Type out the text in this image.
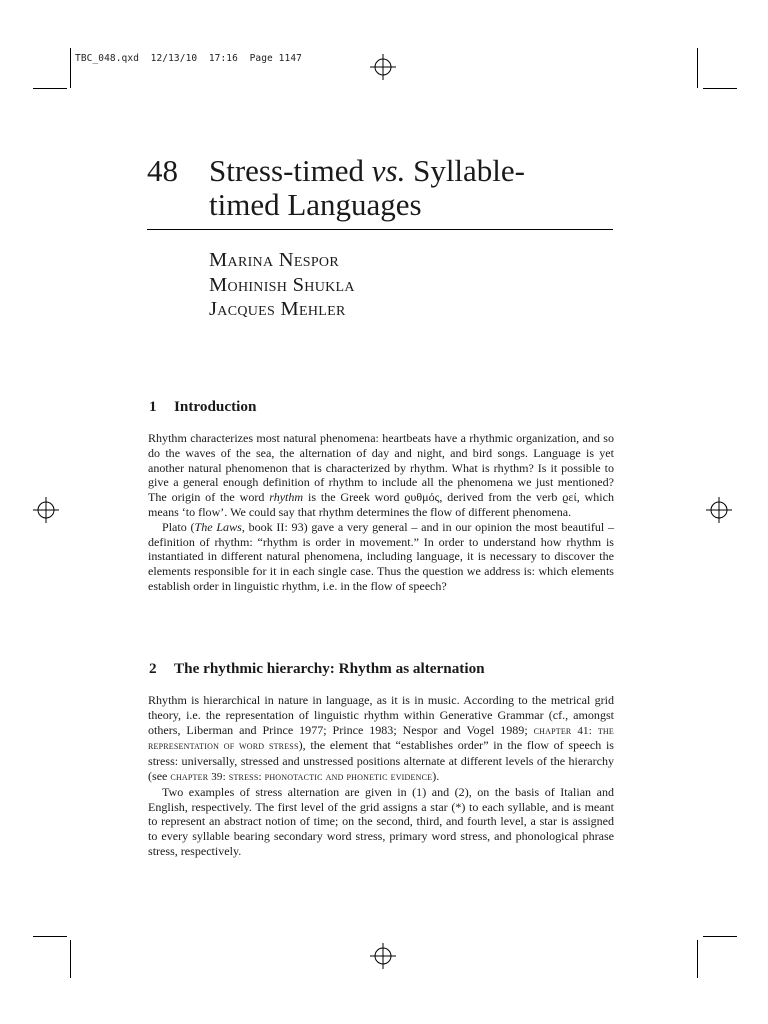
TBC_048.qxd  12/13/10  17:16  Page 1147
48 Stress-timed vs. Syllable-
timed Languages
Marina Nespor
Mohinish Shukla
Jacques Mehler
1 Introduction

Rhythm characterizes most natural phenomena: heartbeats have a rhythmic organization, and so do the waves of the sea, the alternation of day and night, and bird songs. Language is yet another natural phenomenon that is characterized by rhythm. What is rhythm? Is it possible to give a general enough definition of rhythm to include all the phenomena we just mentioned? The origin of the word rhythm is the Greek word ϱυθμός, derived from the verb ϱεί, which means ‘to flow’. We could say that rhythm determines the flow of different phenomena.

Plato (The Laws, book II: 93) gave a very general – and in our opinion the most beautiful – definition of rhythm: “rhythm is order in movement.” In order to understand how rhythm is instantiated in different natural phenomena, including language, it is necessary to discover the elements responsible for it in each single case. Thus the question we address is: which elements establish order in linguistic rhythm, i.e. in the flow of speech?

2 The rhythmic hierarchy: Rhythm as alternation

Rhythm is hierarchical in nature in language, as it is in music. According to the metrical grid theory, i.e. the representation of linguistic rhythm within Generative Grammar (cf., amongst others, Liberman and Prince 1977; Prince 1983; Nespor and Vogel 1989; chapter 41: the representation of word stress), the element that “establishes order” in the flow of speech is stress: universally, stressed and unstressed positions alternate at different levels of the hierarchy (see chapter 39: stress: phonotactic and phonetic evidence).

Two examples of stress alternation are given in (1) and (2), on the basis of Italian and English, respectively. The first level of the grid assigns a star (*) to each syllable, and is meant to represent an abstract notion of time; on the second, third, and fourth level, a star is assigned to every syllable bearing secondary word stress, primary word stress, and phonological phrase stress, respectively.
